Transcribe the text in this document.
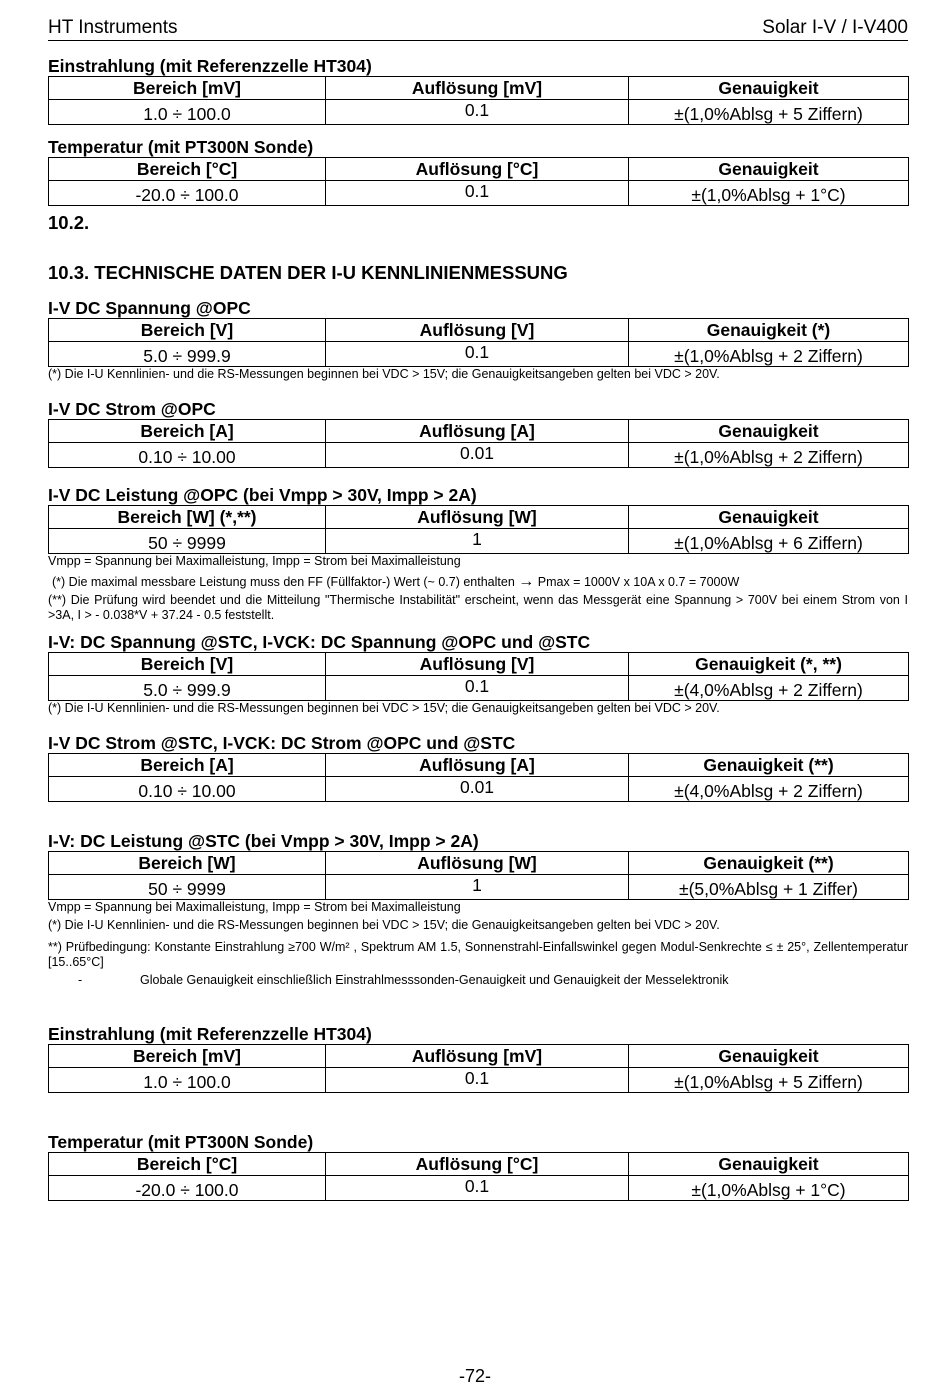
HT Instruments	Solar I-V / I-V400

Einstrahlung (mit Referenzzelle HT304)

Bereich [mV]	Auflösung [mV]	Genauigkeit
1.0 ÷ 100.0	0.1	±(1,0%Ablsg + 5 Ziffern)

Temperatur (mit PT300N Sonde)

Bereich [°C]	Auflösung [°C]	Genauigkeit
-20.0 ÷ 100.0	0.1	±(1,0%Ablsg + 1°C)

10.2.

10.3. TECHNISCHE DATEN DER I-U KENNLINIENMESSUNG

I-V DC Spannung @OPC

Bereich [V]	Auflösung [V]	Genauigkeit (*)
5.0 ÷ 999.9	0.1	±(1,0%Ablsg + 2 Ziffern)

(*) Die I-U Kennlinien- und die RS-Messungen beginnen bei VDC > 15V; die Genauigkeitsangeben gelten bei VDC > 20V.

I-V DC Strom @OPC

Bereich [A]	Auflösung [A]	Genauigkeit
0.10 ÷ 10.00	0.01	±(1,0%Ablsg + 2 Ziffern)

I-V DC Leistung @OPC (bei Vmpp > 30V, Impp > 2A)

Bereich [W] (*,**)	Auflösung [W]	Genauigkeit
50 ÷ 9999	1	±(1,0%Ablsg + 6 Ziffern)

Vmpp = Spannung bei Maximalleistung, Impp = Strom bei Maximalleistung

(*) Die maximal messbare Leistung muss den FF (Füllfaktor-) Wert (~ 0.7) enthalten → Pmax = 1000V x 10A x 0.7 = 7000W

(**) Die Prüfung wird beendet und die Mitteilung "Thermische Instabilität" erscheint, wenn das Messgerät eine Spannung > 700V bei einem Strom von I >3A, I > - 0.038*V + 37.24 - 0.5 feststellt.

I-V: DC Spannung @STC, I-VCK: DC Spannung @OPC und @STC

Bereich [V]	Auflösung [V]	Genauigkeit (*, **)
5.0 ÷ 999.9	0.1	±(4,0%Ablsg + 2 Ziffern)

(*) Die I-U Kennlinien- und die RS-Messungen beginnen bei VDC > 15V; die Genauigkeitsangeben gelten bei VDC > 20V.

I-V DC Strom @STC, I-VCK: DC Strom @OPC und @STC

Bereich [A]	Auflösung [A]	Genauigkeit (**)
0.10 ÷ 10.00	0.01	±(4,0%Ablsg + 2 Ziffern)

I-V: DC Leistung @STC (bei Vmpp > 30V, Impp > 2A)

Bereich [W]	Auflösung [W]	Genauigkeit (**)
50 ÷ 9999	1	±(5,0%Ablsg + 1 Ziffer)

Vmpp = Spannung bei Maximalleistung, Impp = Strom bei Maximalleistung

(*) Die I-U Kennlinien- und die RS-Messungen beginnen bei VDC > 15V; die Genauigkeitsangeben gelten bei VDC > 20V.

**) Prüfbedingung: Konstante Einstrahlung ≥700 W/m² , Spektrum AM 1.5, Sonnenstrahl-Einfallswinkel gegen Modul-Senkrechte ≤ ± 25°, Zellentemperatur [15..65°C]

-	Globale Genauigkeit einschließlich Einstrahlmesssonden-Genauigkeit und Genauigkeit der Messelektronik

Einstrahlung (mit Referenzzelle HT304)

Bereich [mV]	Auflösung [mV]	Genauigkeit
1.0 ÷ 100.0	0.1	±(1,0%Ablsg + 5 Ziffern)

Temperatur (mit PT300N Sonde)

Bereich [°C]	Auflösung [°C]	Genauigkeit
-20.0 ÷ 100.0	0.1	±(1,0%Ablsg + 1°C)
-72-
